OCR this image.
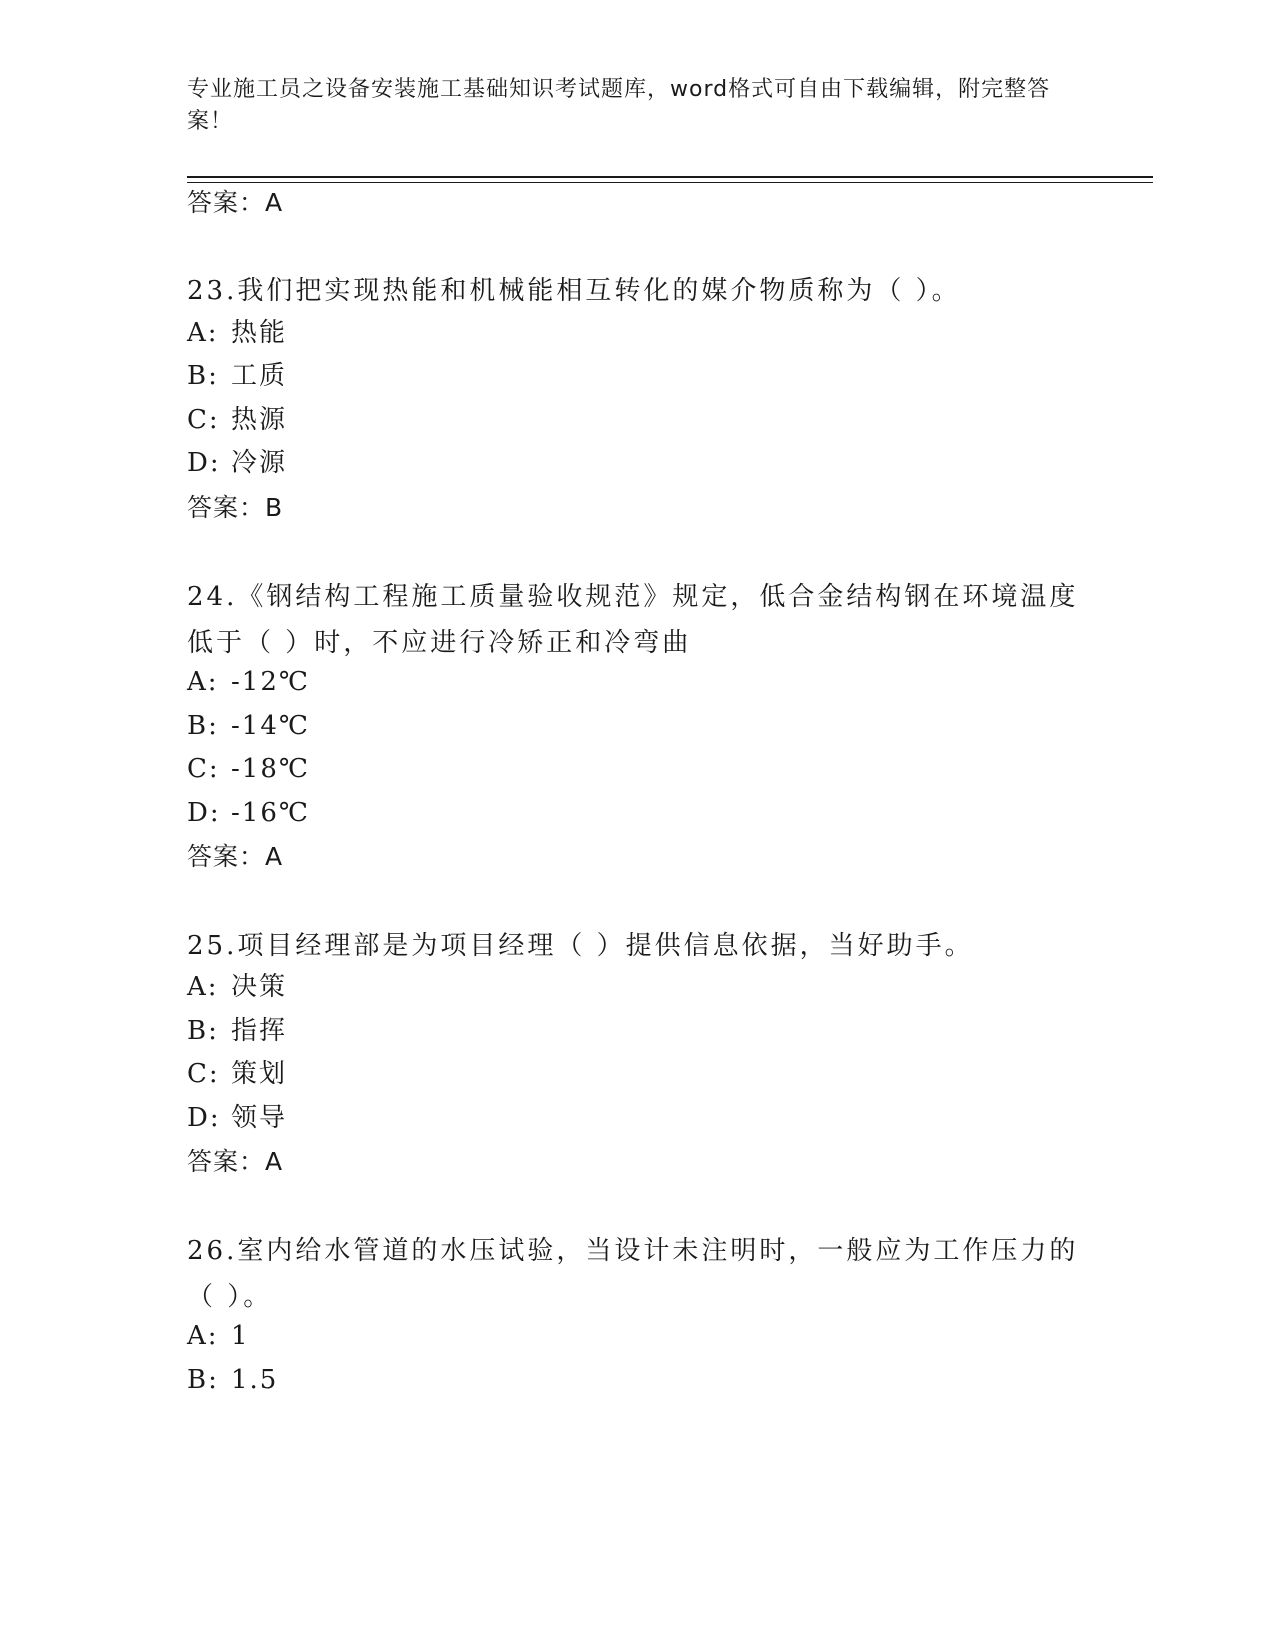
专业施工员之设备安装施工基础知识考试题库，word格式可自由下载编辑，附完整答案！
答案：A
23.我们把实现热能和机械能相互转化的媒介物质称为（ ）。
A: 热能
B: 工质
C: 热源
D: 冷源
答案：B
24.《钢结构工程施工质量验收规范》规定，低合金结构钢在环境温度低于（ ）时，不应进行冷矫正和冷弯曲
A: -12℃
B: -14℃
C: -18℃
D: -16℃
答案：A
25.项目经理部是为项目经理（ ）提供信息依据，当好助手。
A: 决策
B: 指挥
C: 策划
D: 领导
答案：A
26.室内给水管道的水压试验，当设计未注明时，一般应为工作压力的（ ）。
A: 1
B: 1.5
